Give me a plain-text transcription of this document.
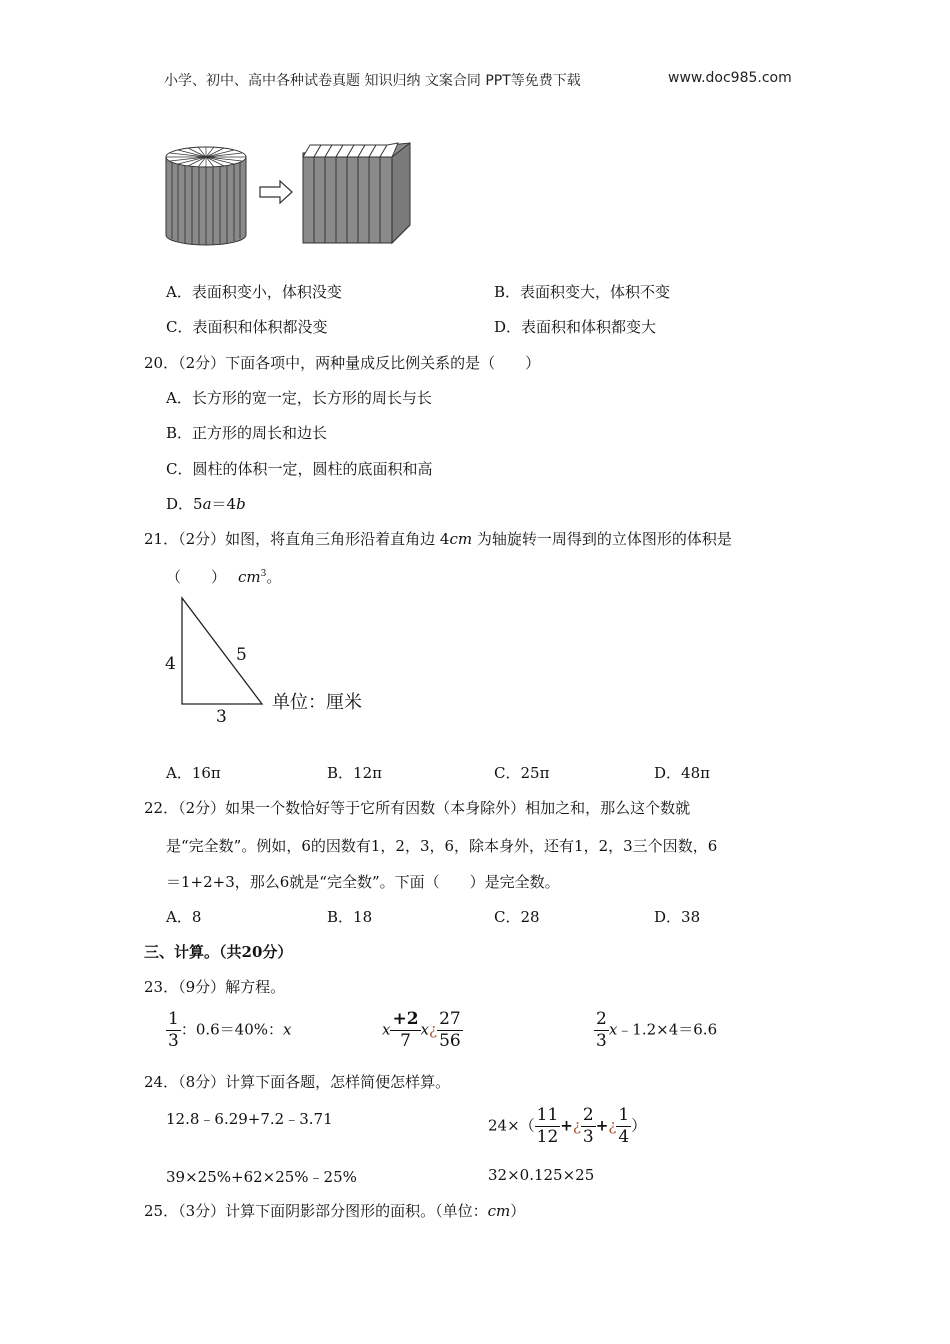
小学、初中、高中各种试卷真题 知识归纳 文案合同 PPT等免费下载	www.doc985.com
A．表面积变小，体积没变	B．表面积变大，体积不变
C．表面积和体积都没变	D．表面积和体积都变大
20．（2分）下面各项中，两种量成反比例关系的是（　　）
A．长方形的宽一定，长方形的周长与长
B．正方形的周长和边长
C．圆柱的体积一定，圆柱的底面积和高
D．5a＝4b
21．（2分）如图，将直角三角形沿着直角边 4cm 为轴旋转一周得到的立体图形的体积是
（　　） $cm^3$。
4	5
3
单位：厘米
A．16π	B．12π	C．25π	D．48π
22．（2分）如果一个数恰好等于它所有因数（本身除外）相加之和，那么这个数就
是“完全数”。例如，6的因数有1，2，3，6，除本身外，还有1，2，3三个因数，6
＝1+2+3，那么6就是“完全数”。下面（　　）是完全数。
A．8	B．18	C．28	D．38
三、计算。（共20分）
23．（9分）解方程。
$\frac{1}{3}$ ：0.6＝40%：x	x $\frac{+2}{7}$ x¿ $\frac{27}{56}$	$\frac{2}{3}$ x﹣1.2×4＝6.6
24．（8分）计算下面各题，怎样简便怎样算。
12.8﹣6.29+7.2﹣3.71	$24\times( \frac{11}{12}$ +¿ $\frac{2}{3}$ +¿ $\frac{1}{4}$ ）
39×25%+62×25%﹣25%	32×0.125×25
25．（3分）计算下面阴影部分图形的面积。（单位：cm）
